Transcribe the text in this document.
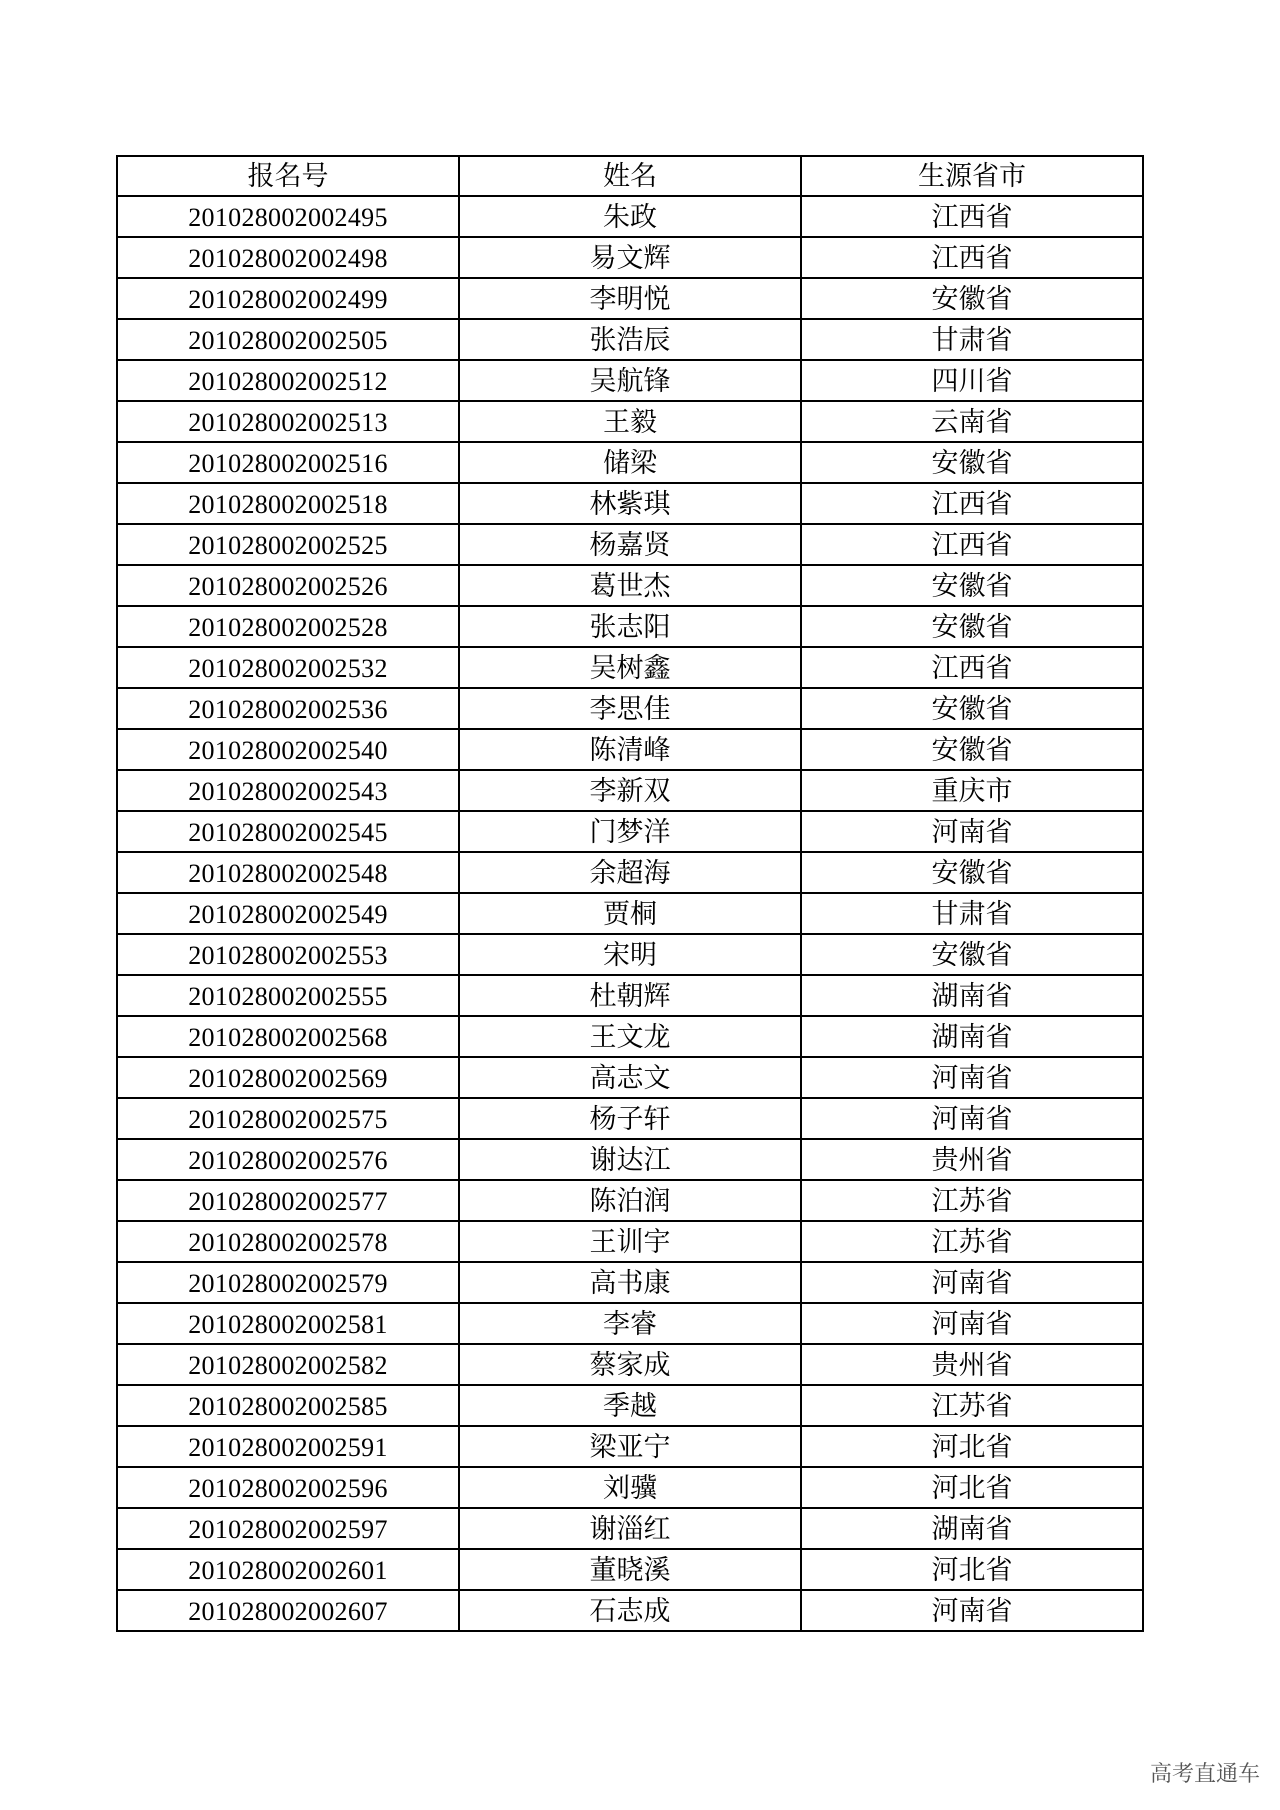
报名号	姓名	生源省市
201028002002495	朱政	江西省
201028002002498	易文辉	江西省
201028002002499	李明悦	安徽省
201028002002505	张浩辰	甘肃省
201028002002512	吴航锋	四川省
201028002002513	王毅	云南省
201028002002516	储梁	安徽省
201028002002518	林紫琪	江西省
201028002002525	杨嘉贤	江西省
201028002002526	葛世杰	安徽省
201028002002528	张志阳	安徽省
201028002002532	吴树鑫	江西省
201028002002536	李思佳	安徽省
201028002002540	陈清峰	安徽省
201028002002543	李新双	重庆市
201028002002545	门梦洋	河南省
201028002002548	余超海	安徽省
201028002002549	贾桐	甘肃省
201028002002553	宋明	安徽省
201028002002555	杜朝辉	湖南省
201028002002568	王文龙	湖南省
201028002002569	高志文	河南省
201028002002575	杨子轩	河南省
201028002002576	谢达江	贵州省
201028002002577	陈泊润	江苏省
201028002002578	王训宇	江苏省
201028002002579	高书康	河南省
201028002002581	李睿	河南省
201028002002582	蔡家成	贵州省
201028002002585	季越	江苏省
201028002002591	梁亚宁	河北省
201028002002596	刘骥	河北省
201028002002597	谢淄红	湖南省
201028002002601	董晓溪	河北省
201028002002607	石志成	河南省
高考直通车
